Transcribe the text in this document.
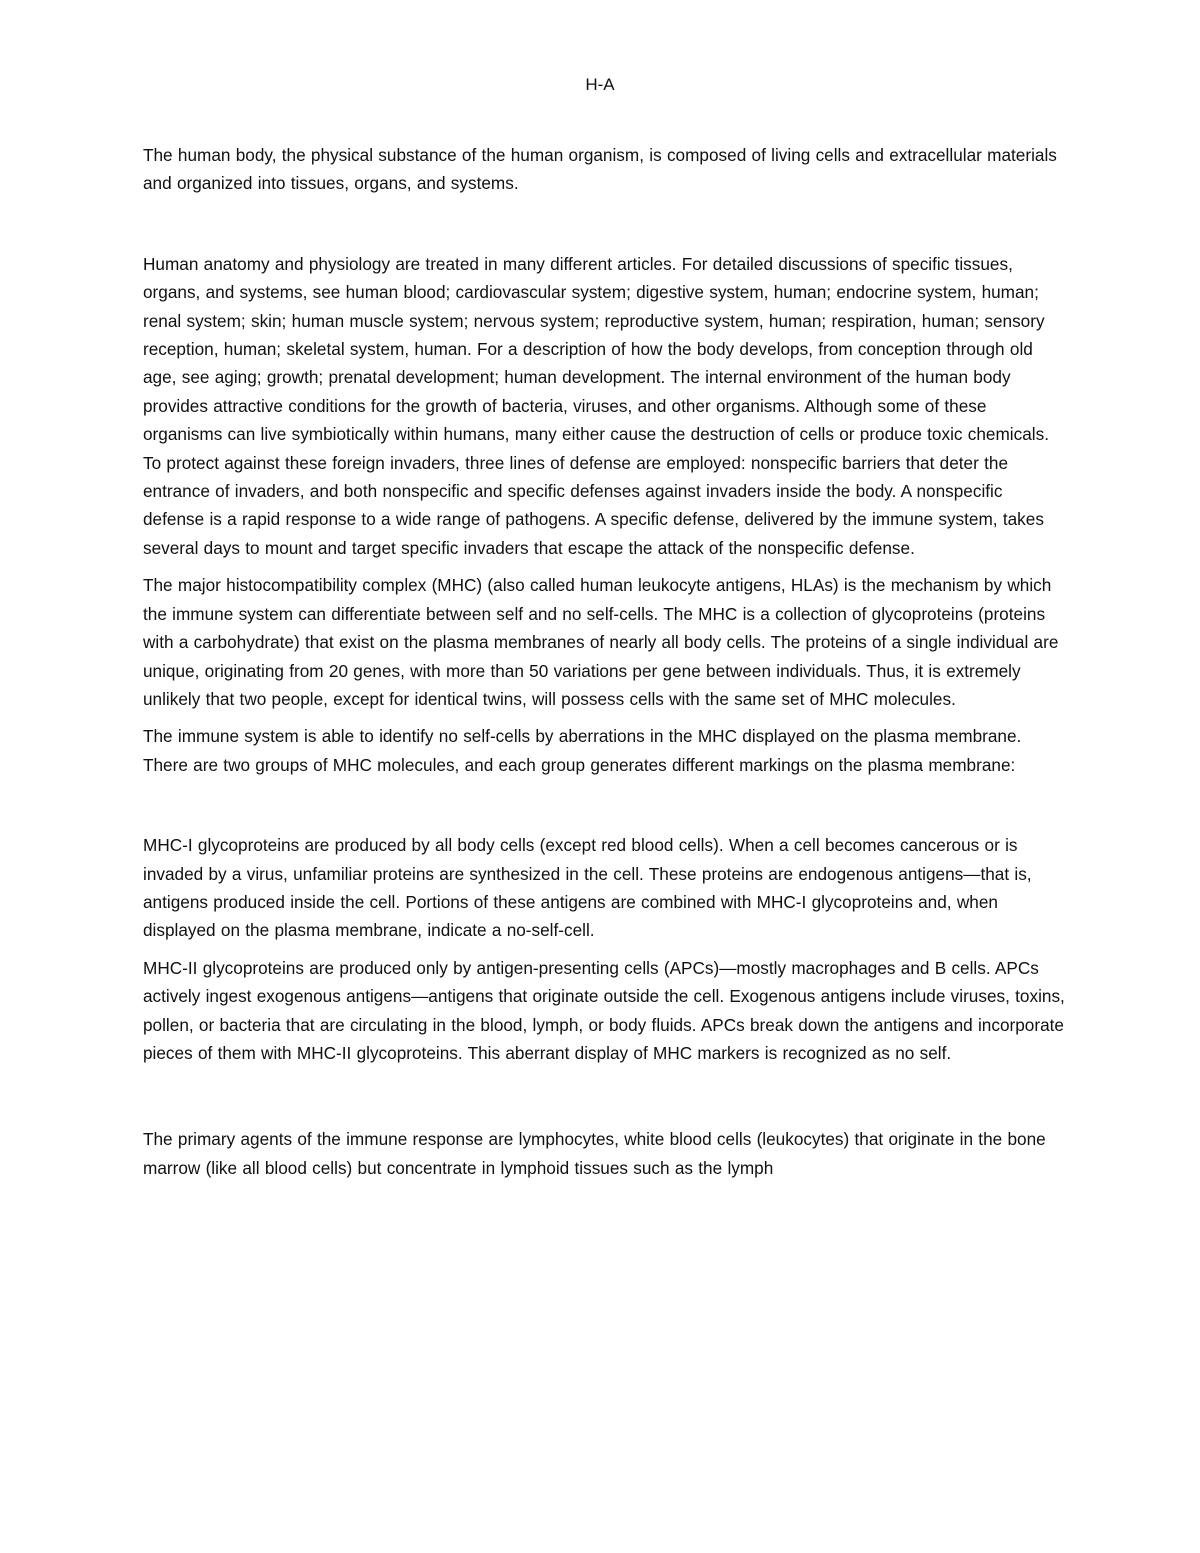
H-A

The human body, the physical substance of the human organism, is composed of living cells and extracellular materials and organized into tissues, organs, and systems.

Human anatomy and physiology are treated in many different articles. For detailed discussions of specific tissues, organs, and systems, see human blood; cardiovascular system; digestive system, human; endocrine system, human; renal system; skin; human muscle system; nervous system; reproductive system, human; respiration, human; sensory reception, human; skeletal system, human. For a description of how the body develops, from conception through old age, see aging; growth; prenatal development; human development. The internal environment of the human body provides attractive conditions for the growth of bacteria, viruses, and other organisms. Although some of these organisms can live symbiotically within humans, many either cause the destruction of cells or produce toxic chemicals. To protect against these foreign invaders, three lines of defense are employed: nonspecific barriers that deter the entrance of invaders, and both nonspecific and specific defenses against invaders inside the body. A nonspecific defense is a rapid response to a wide range of pathogens. A specific defense, delivered by the immune system, takes several days to mount and target specific invaders that escape the attack of the nonspecific defense.

The major histocompatibility complex (MHC) (also called human leukocyte antigens, HLAs) is the mechanism by which the immune system can differentiate between self and no self-cells. The MHC is a collection of glycoproteins (proteins with a carbohydrate) that exist on the plasma membranes of nearly all body cells. The proteins of a single individual are unique, originating from 20 genes, with more than 50 variations per gene between individuals. Thus, it is extremely unlikely that two people, except for identical twins, will possess cells with the same set of MHC molecules.

The immune system is able to identify no self-cells by aberrations in the MHC displayed on the plasma membrane. There are two groups of MHC molecules, and each group generates different markings on the plasma membrane:

MHC-I glycoproteins are produced by all body cells (except red blood cells). When a cell becomes cancerous or is invaded by a virus, unfamiliar proteins are synthesized in the cell. These proteins are endogenous antigens—that is, antigens produced inside the cell. Portions of these antigens are combined with MHC-I glycoproteins and, when displayed on the plasma membrane, indicate a no-self-cell.

MHC-II glycoproteins are produced only by antigen-presenting cells (APCs)—mostly macrophages and B cells. APCs actively ingest exogenous antigens—antigens that originate outside the cell. Exogenous antigens include viruses, toxins, pollen, or bacteria that are circulating in the blood, lymph, or body fluids. APCs break down the antigens and incorporate pieces of them with MHC-II glycoproteins. This aberrant display of MHC markers is recognized as no self.

The primary agents of the immune response are lymphocytes, white blood cells (leukocytes) that originate in the bone marrow (like all blood cells) but concentrate in lymphoid tissues such as the lymph
